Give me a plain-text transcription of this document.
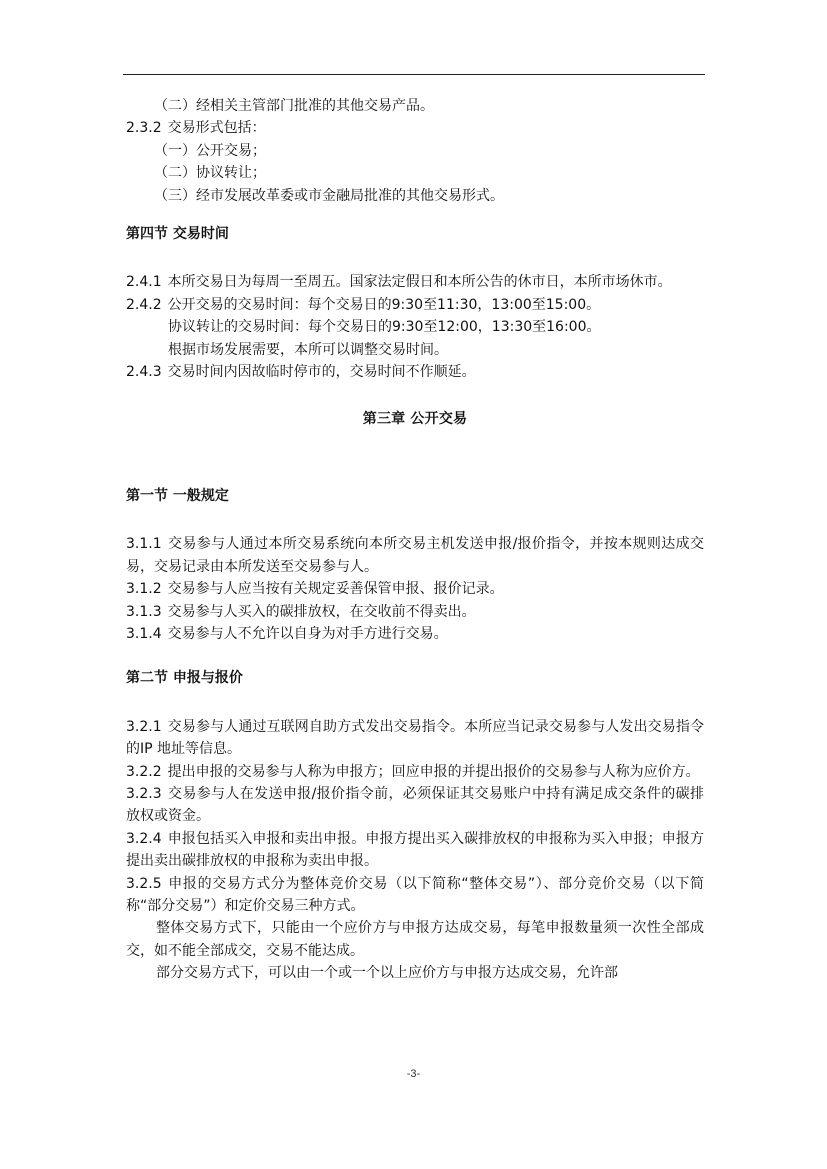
（二）经相关主管部门批准的其他交易产品。

2.3.2 交易形式包括：

（一）公开交易；

（二）协议转让；

（三）经市发展改革委或市金融局批准的其他交易形式。

第四节 交易时间

2.4.1 本所交易日为每周一至周五。国家法定假日和本所公告的休市日，本所市场休市。

2.4.2 公开交易的交易时间：每个交易日的9:30至11:30，13:00至15:00。

协议转让的交易时间：每个交易日的9:30至12:00，13:30至16:00。

根据市场发展需要，本所可以调整交易时间。

2.4.3 交易时间内因故临时停市的，交易时间不作顺延。

第三章 公开交易

第一节 一般规定

3.1.1 交易参与人通过本所交易系统向本所交易主机发送申报/报价指令，并按本规则达成交易，交易记录由本所发送至交易参与人。

3.1.2 交易参与人应当按有关规定妥善保管申报、报价记录。

3.1.3 交易参与人买入的碳排放权，在交收前不得卖出。

3.1.4 交易参与人不允许以自身为对手方进行交易。

第二节 申报与报价

3.2.1 交易参与人通过互联网自助方式发出交易指令。本所应当记录交易参与人发出交易指令的IP 地址等信息。

3.2.2 提出申报的交易参与人称为申报方；回应申报的并提出报价的交易参与人称为应价方。

3.2.3 交易参与人在发送申报/报价指令前，必须保证其交易账户中持有满足成交条件的碳排放权或资金。

3.2.4 申报包括买入申报和卖出申报。申报方提出买入碳排放权的申报称为买入申报；申报方提出卖出碳排放权的申报称为卖出申报。

3.2.5 申报的交易方式分为整体竞价交易（以下简称“整体交易”）、部分竞价交易（以下简称“部分交易”）和定价交易三种方式。

整体交易方式下，只能由一个应价方与申报方达成交易，每笔申报数量须一次性全部成交，如不能全部成交，交易不能达成。

部分交易方式下，可以由一个或一个以上应价方与申报方达成交易，允许部

-3-
